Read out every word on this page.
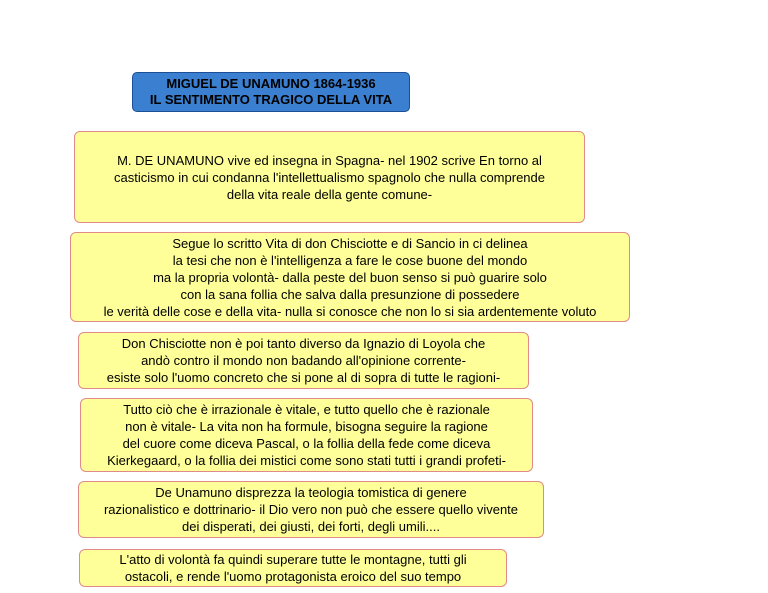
MIGUEL DE UNAMUNO 1864-1936
IL SENTIMENTO TRAGICO DELLA VITA
M. DE UNAMUNO vive ed insegna in Spagna- nel 1902 scrive En torno al
casticismo in cui condanna l'intellettualismo spagnolo che nulla comprende
della vita reale della gente comune-
Segue lo scritto Vita di don Chisciotte e di Sancio in ci delinea
la tesi che non è l'intelligenza a fare le cose buone del mondo
ma la propria volontà- dalla peste del buon senso si può guarire solo
con la sana follia che salva dalla presunzione di possedere
le verità delle cose e della vita- nulla si conosce che non lo si sia ardentemente voluto
Don Chisciotte non è poi tanto diverso da Ignazio di Loyola che
andò contro il mondo non badando all'opinione corrente-
esiste solo l'uomo concreto che si pone al di sopra di tutte le ragioni-
Tutto ciò che è irrazionale è vitale, e tutto quello che è razionale
non è vitale- La vita non ha formule, bisogna seguire la ragione
del cuore come diceva Pascal, o la follia della fede come diceva
Kierkegaard, o la follia dei mistici come sono stati tutti i grandi profeti-
De Unamuno disprezza la teologia tomistica di genere
razionalistico e dottrinario- il Dio vero non può che essere quello vivente
dei disperati, dei giusti, dei forti, degli umili....
L'atto di volontà fa quindi superare tutte le montagne, tutti gli
ostacoli, e rende l'uomo protagonista eroico del suo tempo
